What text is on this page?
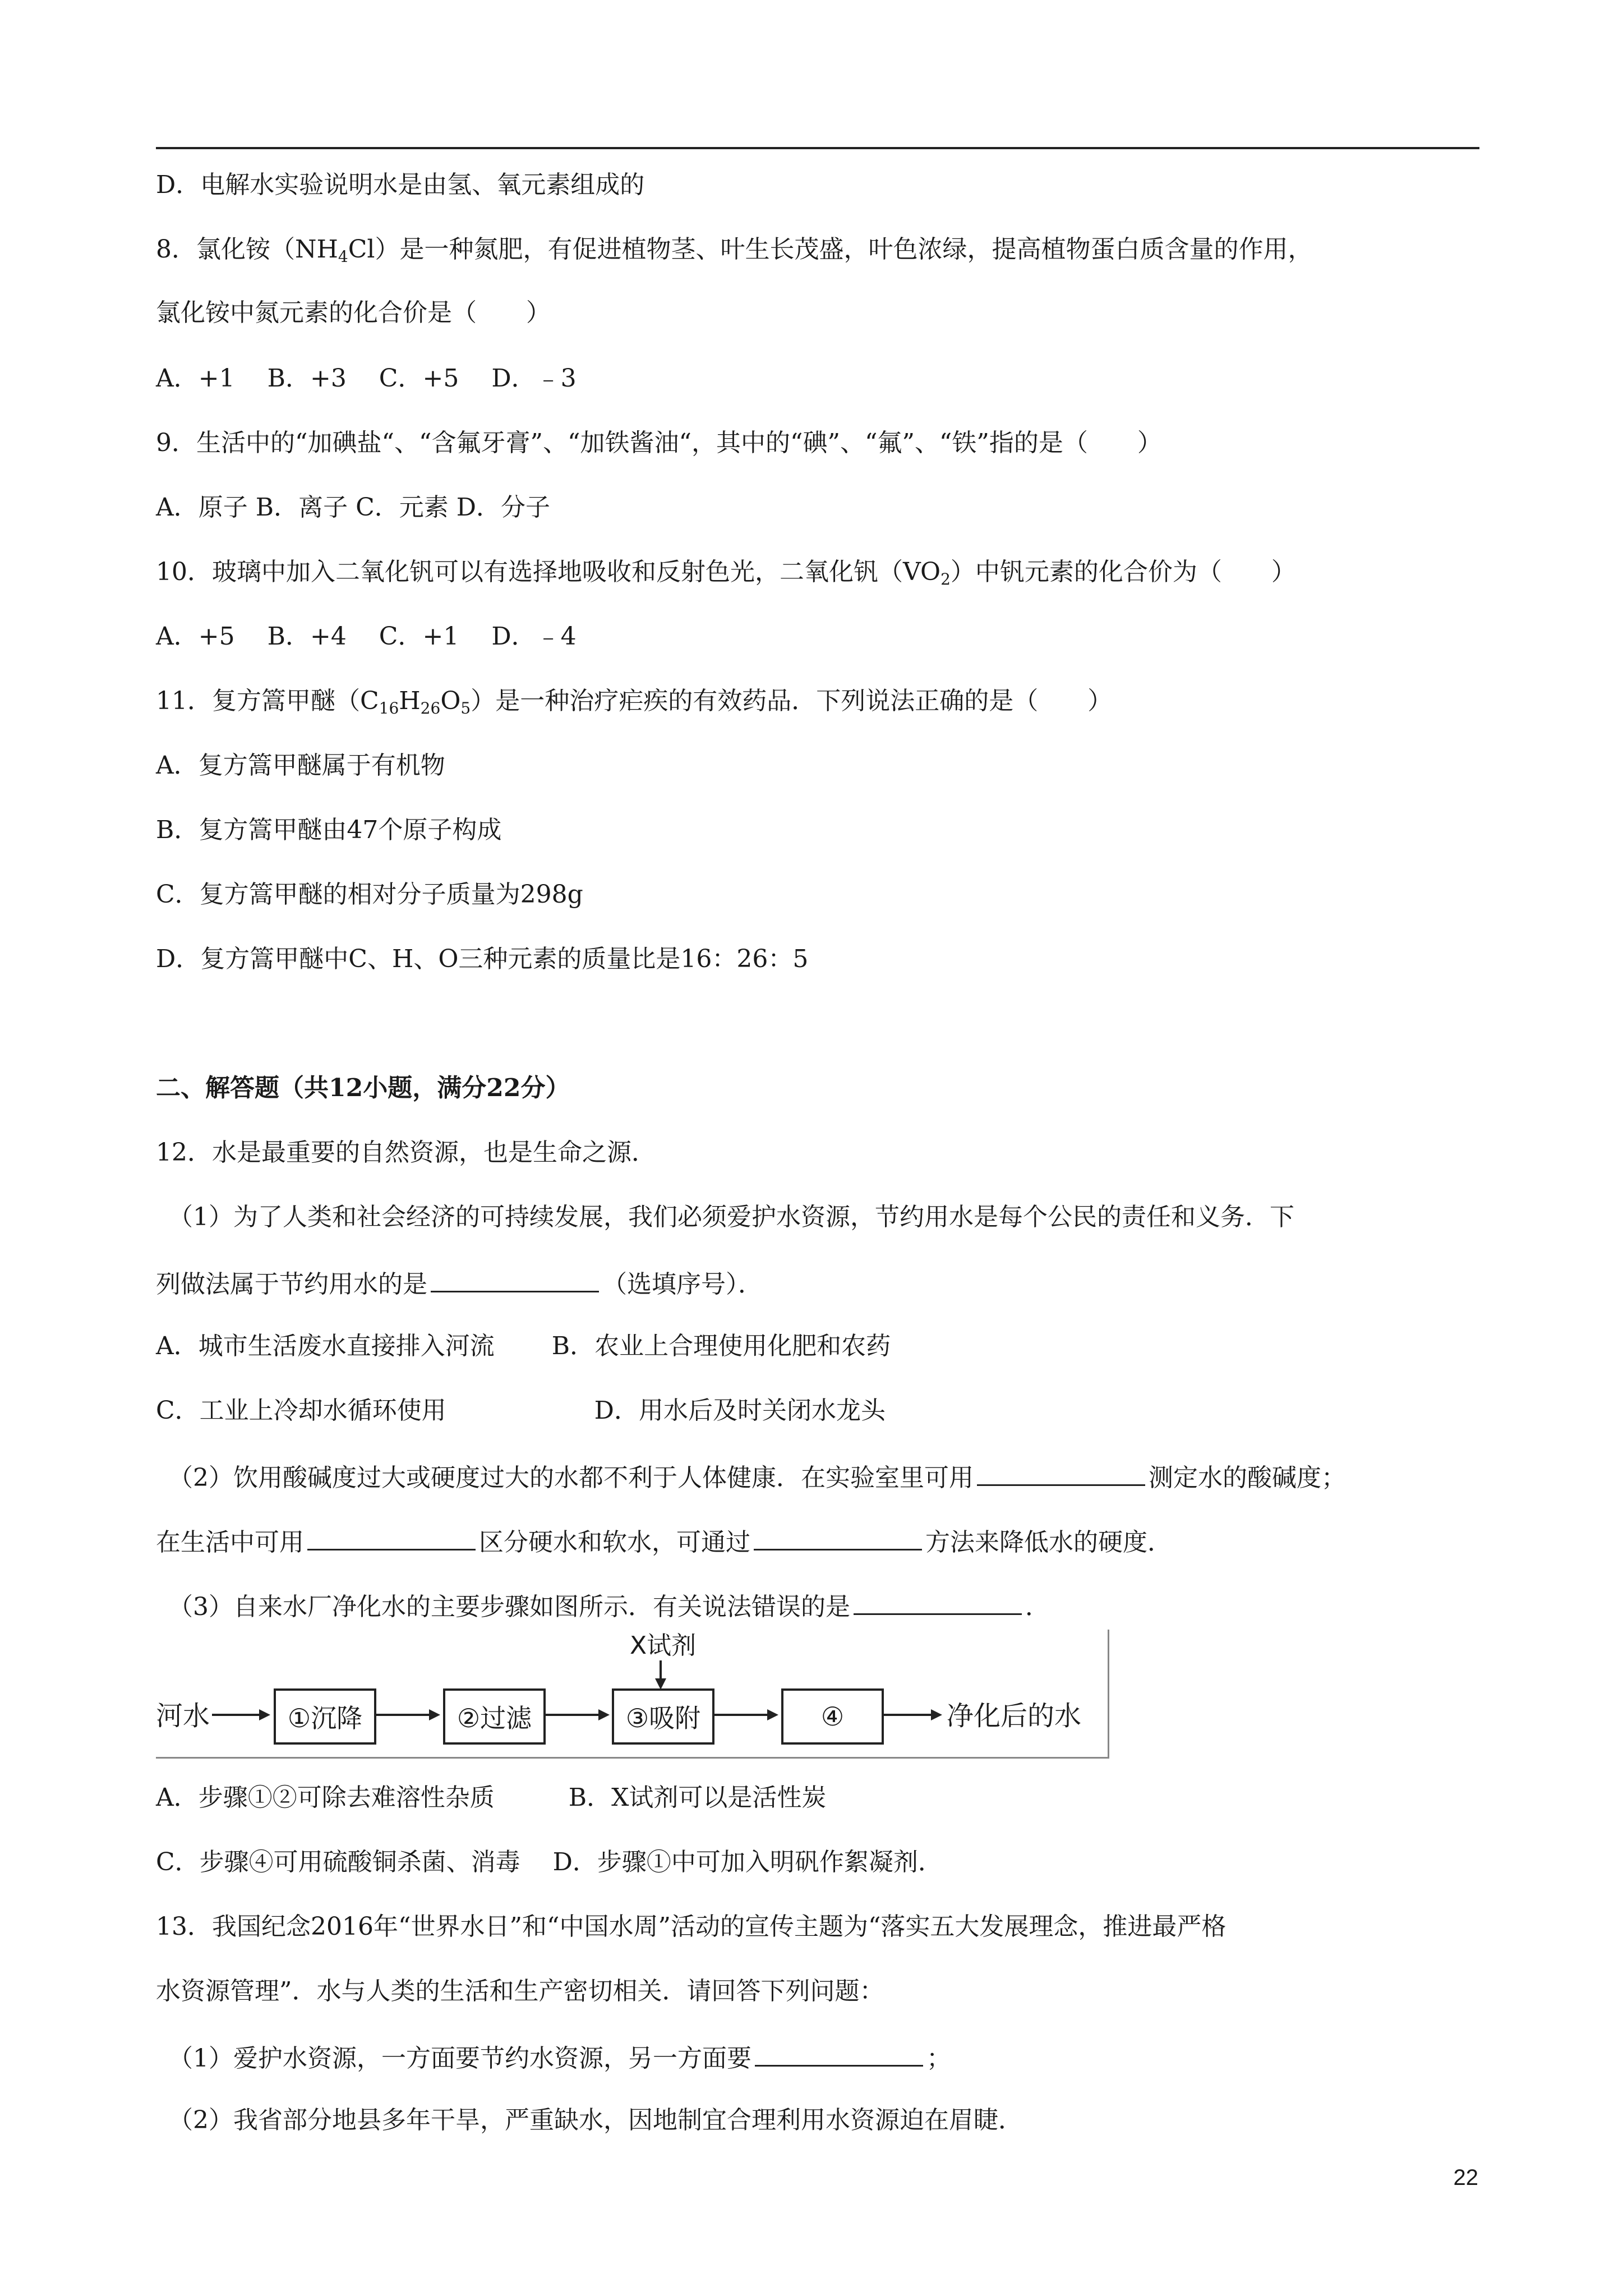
D．电解水实验说明水是由氢、氧元素组成的
8．氯化铵$(NH_4Cl)$是一种氮肥，有促进植物茎、叶生长茂盛，叶色浓绿，提高植物蛋白质含量的作用，
氯化铵中氮元素的化合价是（　　）
A．+1　 B．+3　 C．+5　 D．﹣3
9．生活中的“加碘盐“、“含氟牙膏”、“加铁酱油“，其中的“碘”、“氟”、“铁”指的是（　　）
A．原子 B．离子 C．元素 D．分子
10．玻璃中加入二氧化钒可以有选择地吸收和反射色光，二氧化钒$(VO_2)$中钒元素的化合价为（　　）
A．+5　 B．+4　 C．+1　 D．﹣4
11．复方篙甲醚$(C_{16}H_{26}O_5)$是一种治疗疟疾的有效药品．下列说法正确的是（　　）
A．复方篙甲醚属于有机物
B．复方篙甲醚由47个原子构成
C．复方篙甲醚的相对分子质量为298g
D．复方篙甲醚中C、H、O三种元素的质量比是16：26：5
二、解答题（共12小题，满分22分）
12．水是最重要的自然资源，也是生命之源．
（1）为了人类和社会经济的可持续发展，我们必须爱护水资源，节约用水是每个公民的责任和义务．下
列做法属于节约用水的是	（选填序号）．
A．城市生活废水直接排入河流　　 B．农业上合理使用化肥和农药
C．工业上冷却水循环使用　　　　　　D．用水后及时关闭水龙头
（2）饮用酸碱度过大或硬度过大的水都不利于人体健康．在实验室里可用	测定水的酸碱度；
在生活中可用	区分硬水和软水，可通过	方法来降低水的硬度．
（3）自来水厂净化水的主要步骤如图所示．有关说法错误的是	．
河水	①沉降	②过滤	③吸附
X试剂
④	净化后的水
A．步骤①②可除去难溶性杂质　　　B．X试剂可以是活性炭
C．步骤④可用硫酸铜杀菌、消毒　 D．步骤①中可加入明矾作絮凝剂．
13．我国纪念2016年“世界水日”和“中国水周”活动的宣传主题为“落实五大发展理念，推进最严格
水资源管理”．水与人类的生活和生产密切相关．请回答下列问题：
（1）爱护水资源，一方面要节约水资源，另一方面要	；
（2）我省部分地县多年干旱，严重缺水，因地制宜合理利用水资源迫在眉睫．
22
